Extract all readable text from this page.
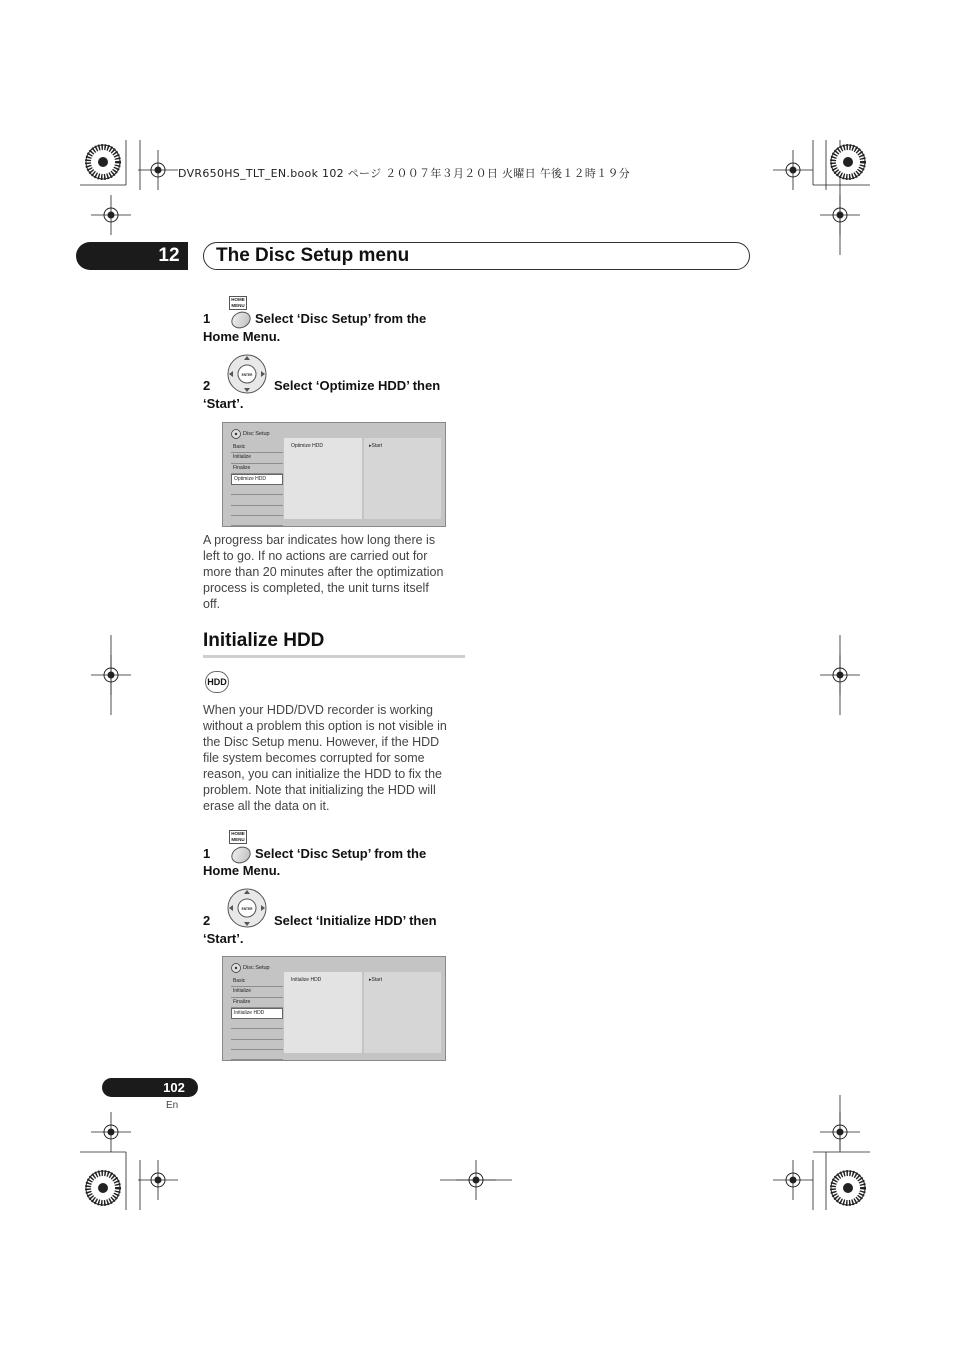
DVR650HS_TLT_EN.book 102 ページ ２００７年３月２０日 火曜日 午後１２時１９分
12	The Disc Setup menu
HOME MENU
1	Select ‘Disc Setup’ from the
Home Menu.
ENTER
2	Select ‘Optimize HDD’ then
‘Start’.
Disc Setup
Basic
Initialize
Finalize
Optimize HDD
Optimize HDD	▸Start
A progress bar indicates how long there is
left to go. If no actions are carried out for
more than 20 minutes after the optimization
process is completed, the unit turns itself
off.
Initialize HDD
HDD
When your HDD/DVD recorder is working
without a problem this option is not visible in
the Disc Setup menu. However, if the HDD
file system becomes corrupted for some
reason, you can initialize the HDD to fix the
problem. Note that initializing the HDD will
erase all the data on it.
HOME MENU
1	Select ‘Disc Setup’ from the
Home Menu.
ENTER
2	Select ‘Initialize HDD’ then
‘Start’.
Disc Setup
Basic
Initialize
Finalize
Initialize HDD
Initialize HDD	▸Start
102
En
